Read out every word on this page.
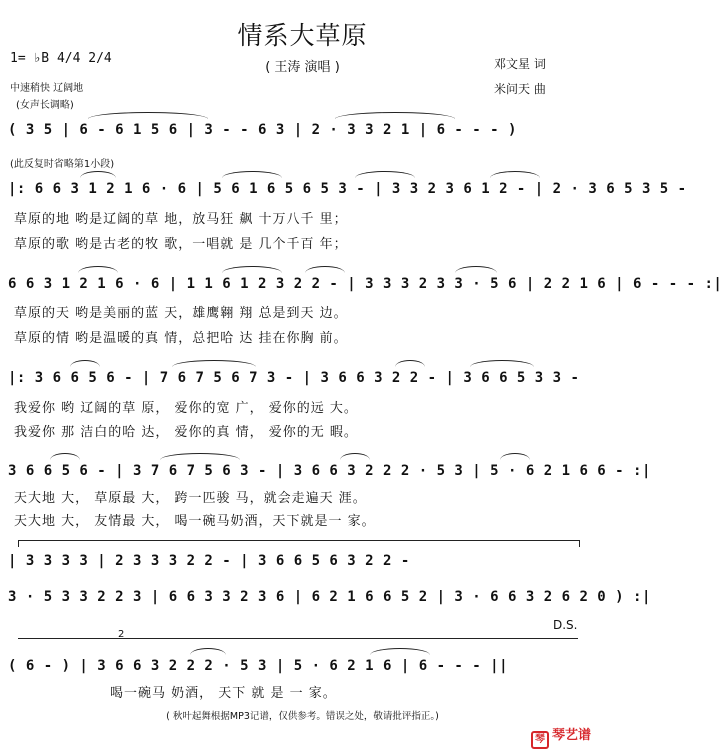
情系大草原
( 王涛 演唱 )
1= ♭B 4/4 2/4
中速稍快 辽阔地
(女声长调略)
邓文星 词
米问天 曲
( 3 5 | 6 - 6 1 5 6 | 3 - - 6 3 | 2 · 3 3 2 1 | 6 - - - )
(此反复时省略第1小段)
|: 6 6 3 1 2 1 6 · 6 | 5 6 1 6 5 6 5 3 - | 3 3 2 3 6 1 2 - | 2 · 3 6 5 3 5 -
草原的地 哟是辽阔的草 地，放马狂 飙 十万八千 里；
草原的歌 哟是古老的牧 歌，一唱就 是 几个千百 年；
6 6 3 1 2 1 6 · 6 | 1 1 6 1 2 3 2 2 - | 3 3 3 2 3 3 · 5 6 | 2 2 1 6 | 6 - - - :|
草原的天 哟是美丽的蓝 天，雄鹰翱 翔 总是到天 边。
草原的情 哟是温暖的真 情，总把哈 达 挂在你胸 前。
|: 3 6 6 5 6 - | 7 6 7 5 6 7 3 - | 3 6 6 3 2 2 - | 3 6 6 5 3 3 -
我爱你 哟 辽阔的草 原， 爱你的宽 广， 爱你的远 大。
我爱你 那 洁白的哈 达， 爱你的真 情， 爱你的无 暇。
3 6 6 5 6 - | 3 7 6 7 5 6 3 - | 3 6 6 3 2 2 2 · 5 3 | 5 · 6 2 1 6 6 - :|
天大地 大， 草原最 大， 跨一匹骏 马，就会走遍天 涯。
天大地 大， 友情最 大， 喝一碗马奶酒，天下就是一 家。
| 3 3 3 3 | 2 3 3 3 2 2 - | 3 6 6 5 6 3 2 2 -
3 · 5 3 3 2 2 3 | 6 6 3 3 2 3 6 | 6 2 1 6 6 5 2 | 3 · 6 6 3 2 6 2 0 ) :|
D.S.
2
( 6 - ) | 3 6 6 3 2 2 2 · 5 3 | 5 · 6 2 1 6 | 6 - - - ||
喝一碗马 奶酒， 天下 就 是 一 家。
( 秋叶起舞根据MP3记谱，仅供参考。错误之处，敬请批评指正。)
琴 琴艺谱
